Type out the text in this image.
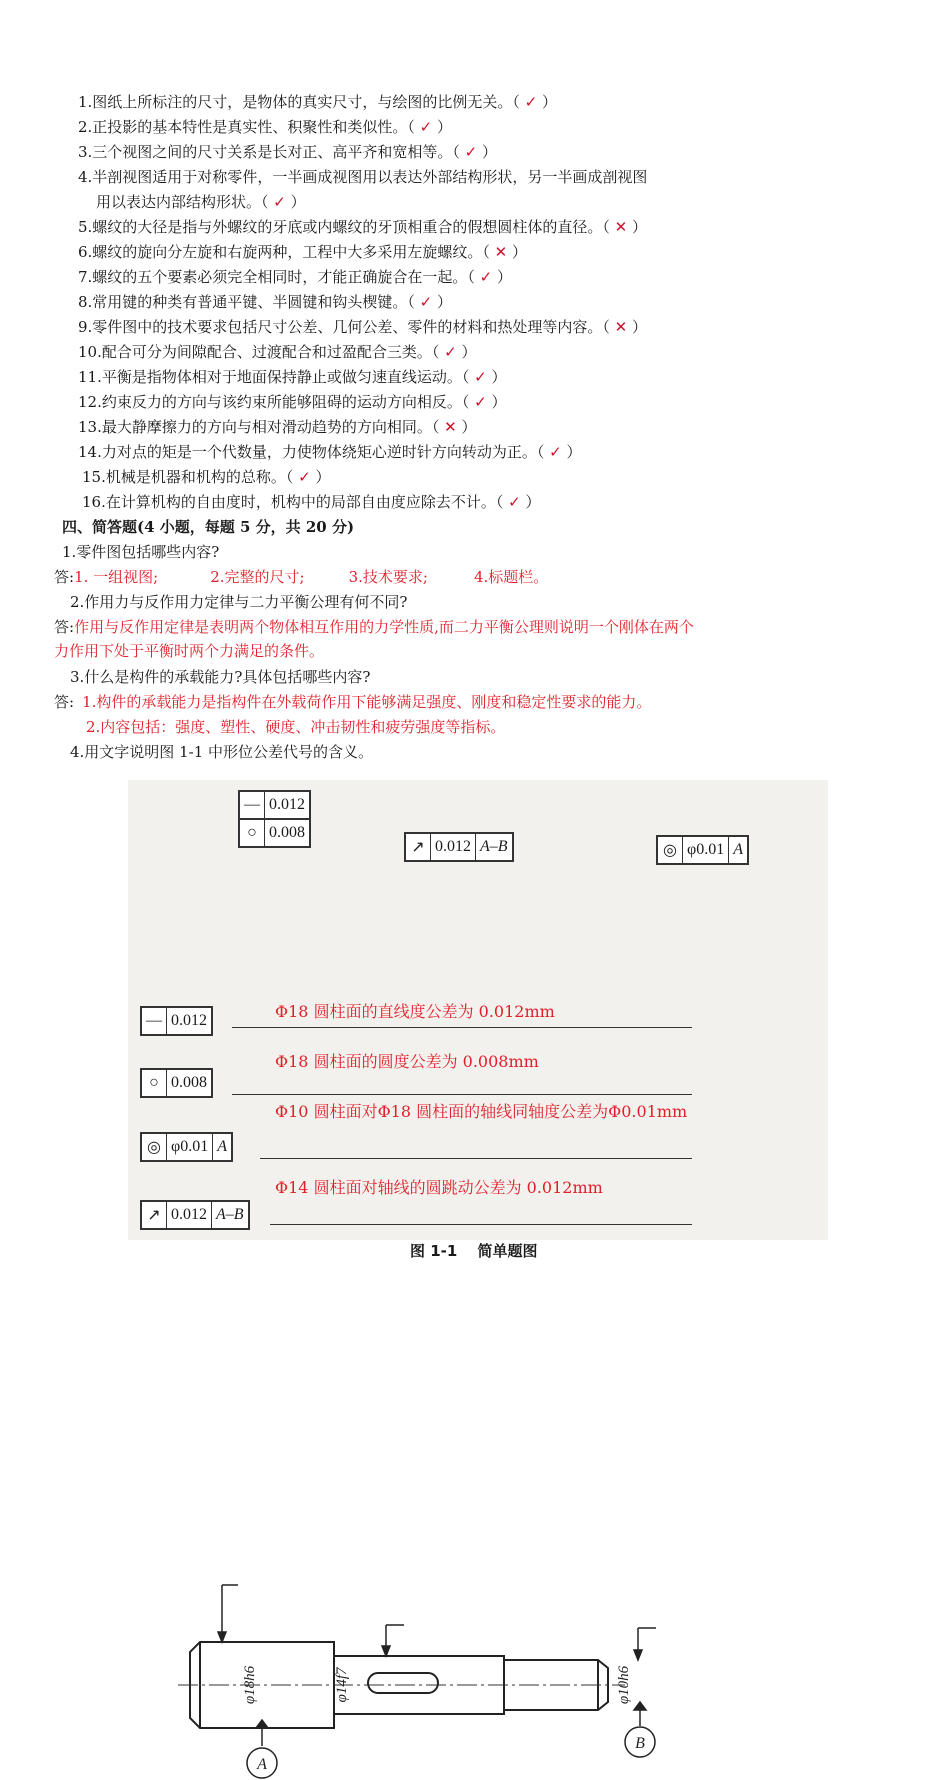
1.图纸上所标注的尺寸，是物体的真实尺寸，与绘图的比例无关。（ ✓ ）
2.正投影的基本特性是真实性、积聚性和类似性。（ ✓ ）
3.三个视图之间的尺寸关系是长对正、高平齐和宽相等。（ ✓ ）
4.半剖视图适用于对称零件，一半画成视图用以表达外部结构形状，另一半画成剖视图
用以表达内部结构形状。（ ✓ ）
5.螺纹的大径是指与外螺纹的牙底或内螺纹的牙顶相重合的假想圆柱体的直径。（ ✕ ）
6.螺纹的旋向分左旋和右旋两种，工程中大多采用左旋螺纹。（ ✕ ）
7.螺纹的五个要素必须完全相同时，才能正确旋合在一起。（ ✓ ）
8.常用键的种类有普通平键、半圆键和钩头楔键。（ ✓ ）
9.零件图中的技术要求包括尺寸公差、几何公差、零件的材料和热处理等内容。（ ✕ ）
10.配合可分为间隙配合、过渡配合和过盈配合三类。（ ✓ ）
11.平衡是指物体相对于地面保持静止或做匀速直线运动。（ ✓ ）
12.约束反力的方向与该约束所能够阻碍的运动方向相反。（ ✓ ）
13.最大静摩擦力的方向与相对滑动趋势的方向相同。（ ✕ ）
14.力对点的矩是一个代数量，力使物体绕矩心逆时针方向转动为正。（ ✓ ）
15.机械是机器和机构的总称。（ ✓ ）
16.在计算机构的自由度时，机构中的局部自由度应除去不计。（ ✓ ）
四、简答题(4 小题，每题 5 分，共 20 分)
1.零件图包括哪些内容?
答:1. 一组视图;	2.完整的尺寸;	3.技术要求;	4.标题栏。
2.作用力与反作用力定律与二力平衡公理有何不同?
答:作用与反作用定律是表明两个物体相互作用的力学性质,而二力平衡公理则说明一个刚体在两个
力作用下处于平衡时两个力满足的条件。
3.什么是构件的承载能力?具体包括哪些内容?
答: 1.构件的承载能力是指构件在外载荷作用下能够满足强度、刚度和稳定性要求的能力。
2.内容包括：强度、塑性、硬度、冲击韧性和疲劳强度等指标。
4.用文字说明图 1-1 中形位公差代号的含义。
A
B
φ18h6	φ14f7	φ10h6
— 0.012
○ 0.008
↗ 0.012 A–B	◎ φ0.01 A
— 0.012	Φ18 圆柱面的直线度公差为 0.012mm
○ 0.008
Φ18 圆柱面的圆度公差为 0.008mm
Φ10 圆柱面对Φ18 圆柱面的轴线同轴度公差为Φ0.01mm
◎ φ0.01 A
Φ14 圆柱面对轴线的圆跳动公差为 0.012mm
↗ 0.012 A–B
图 1-1　 简单题图
